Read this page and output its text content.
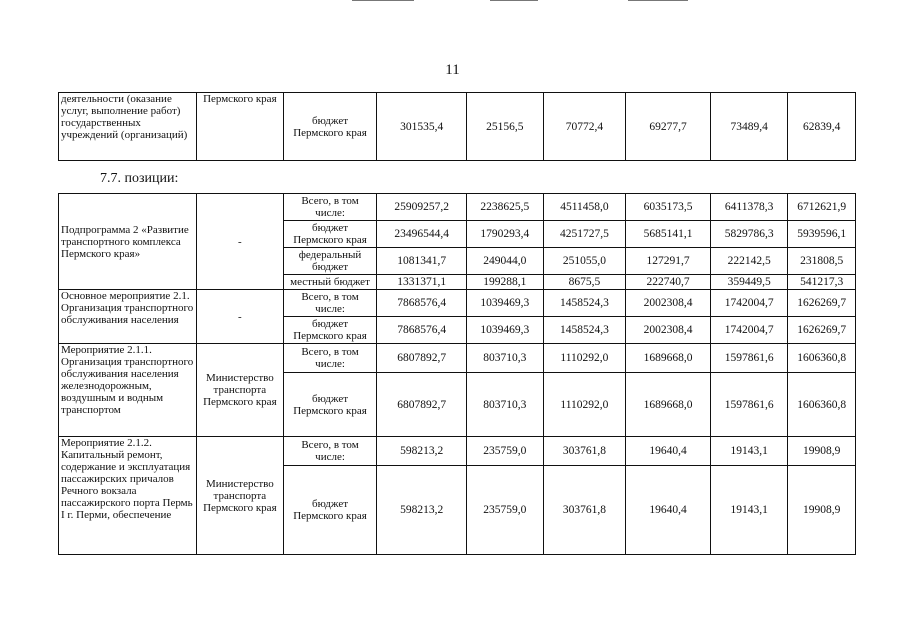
11
деятельности (оказание услуг, выполнение работ) государственных учреждений (организаций)	Пермского края	бюджет Пермского края	301535,4	25156,5	70772,4	69277,7	73489,4	62839,4
7.7. позиции:
Подпрограмма 2 «Развитие транспортного комплекса Пермского края»	-	Всего, в том числе:	25909257,2	2238625,5	4511458,0	6035173,5	6411378,3	6712621,9
		бюджет Пермского края	23496544,4	1790293,4	4251727,5	5685141,1	5829786,3	5939596,1
		федеральный бюджет	1081341,7	249044,0	251055,0	127291,7	222142,5	231808,5
		местный бюджет	1331371,1	199288,1	8675,5	222740,7	359449,5	541217,3
Основное мероприятие 2.1. Организация транспортного обслуживания населения	-	Всего, в том числе:	7868576,4	1039469,3	1458524,3	2002308,4	1742004,7	1626269,7
		бюджет Пермского края	7868576,4	1039469,3	1458524,3	2002308,4	1742004,7	1626269,7
Мероприятие 2.1.1. Организация транспортного обслуживания населения железнодорожным, воздушным и водным транспортом	Министерство транспорта Пермского края	Всего, в том числе:	6807892,7	803710,3	1110292,0	1689668,0	1597861,6	1606360,8
		бюджет Пермского края	6807892,7	803710,3	1110292,0	1689668,0	1597861,6	1606360,8
Мероприятие 2.1.2. Капитальный ремонт, содержание и эксплуатация пассажирских причалов Речного вокзала пассажирского порта Пермь I г. Перми, обеспечение	Министерство транспорта Пермского края	Всего, в том числе:	598213,2	235759,0	303761,8	19640,4	19143,1	19908,9
		бюджет Пермского края	598213,2	235759,0	303761,8	19640,4	19143,1	19908,9
